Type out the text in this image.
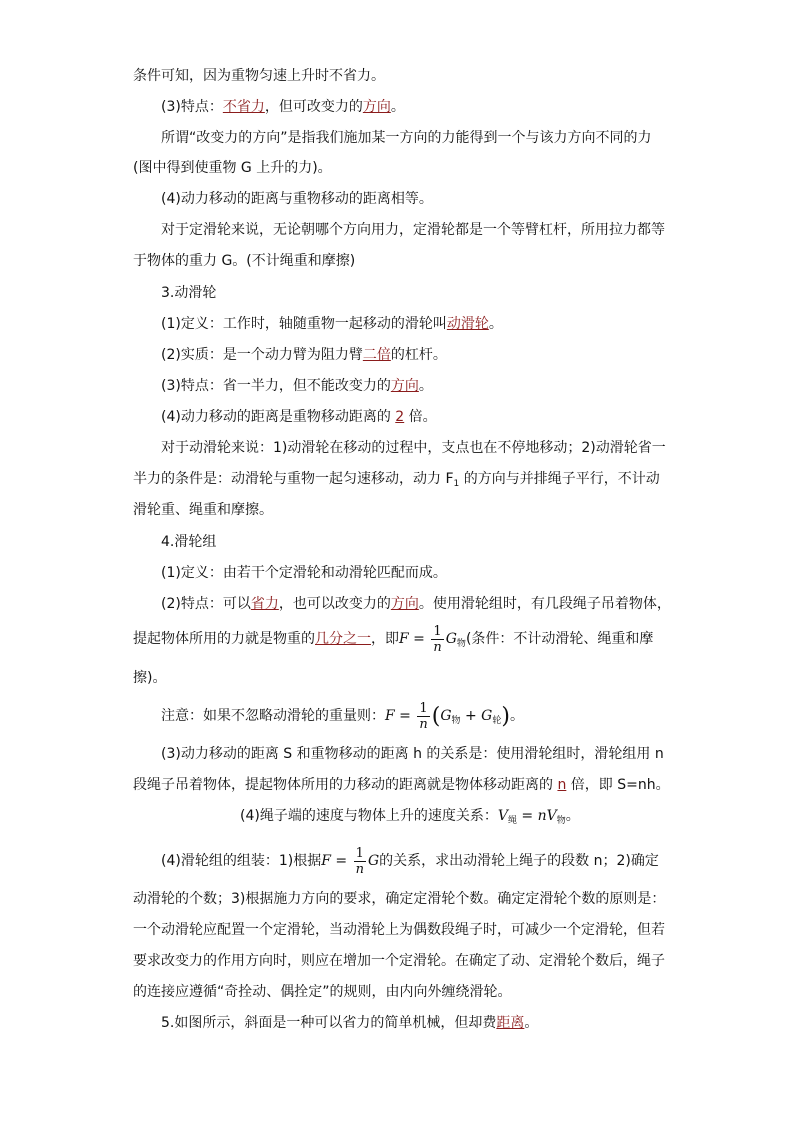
条件可知，因为重物匀速上升时不省力。
(3)特点：不省力，但可改变力的方向。
所谓“改变力的方向”是指我们施加某一方向的力能得到一个与该力方向不同的力
(图中得到使重物 G 上升的力)。
(4)动力移动的距离与重物移动的距离相等。
对于定滑轮来说，无论朝哪个方向用力，定滑轮都是一个等臂杠杆，所用拉力都等
于物体的重力 G。(不计绳重和摩擦)
3.动滑轮
(1)定义：工作时，轴随重物一起移动的滑轮叫动滑轮。
(2)实质：是一个动力臂为阻力臂二倍的杠杆。
(3)特点：省一半力，但不能改变力的方向。
(4)动力移动的距离是重物移动距离的 2 倍。
对于动滑轮来说：1)动滑轮在移动的过程中，支点也在不停地移动；2)动滑轮省一
半力的条件是：动滑轮与重物一起匀速移动，动力 $F_1$ 的方向与并排绳子平行，不计动
滑轮重、绳重和摩擦。
4.滑轮组
(1)定义：由若干个定滑轮和动滑轮匹配而成。
(2)特点：可以省力，也可以改变力的方向。使用滑轮组时，有几段绳子吊着物体，
提起物体所用的力就是物重的几分之一，即$F = \frac{1}{n} G_物$(条件：不计动滑轮、绳重和摩
擦)。
注意：如果不忽略动滑轮的重量则：$F = \frac{1}{n} (G_物 + G_轮)$。
(3)动力移动的距离 S 和重物移动的距离 h 的关系是：使用滑轮组时，滑轮组用 n
段绳子吊着物体，提起物体所用的力移动的距离就是物体移动距离的 n 倍，即 S=nh。
(4)绳子端的速度与物体上升的速度关系：$V_绳 = nV_物$。
(4)滑轮组的组装：1)根据$F = \frac{1}{n}$ G的关系，求出动滑轮上绳子的段数 n；2)确定
动滑轮的个数；3)根据施力方向的要求，确定定滑轮个数。确定定滑轮个数的原则是：
一个动滑轮应配置一个定滑轮，当动滑轮上为偶数段绳子时，可减少一个定滑轮，但若
要求改变力的作用方向时，则应在增加一个定滑轮。在确定了动、定滑轮个数后，绳子
的连接应遵循“奇拴动、偶拴定”的规则，由内向外缠绕滑轮。
5.如图所示，斜面是一种可以省力的简单机械，但却费距离。
